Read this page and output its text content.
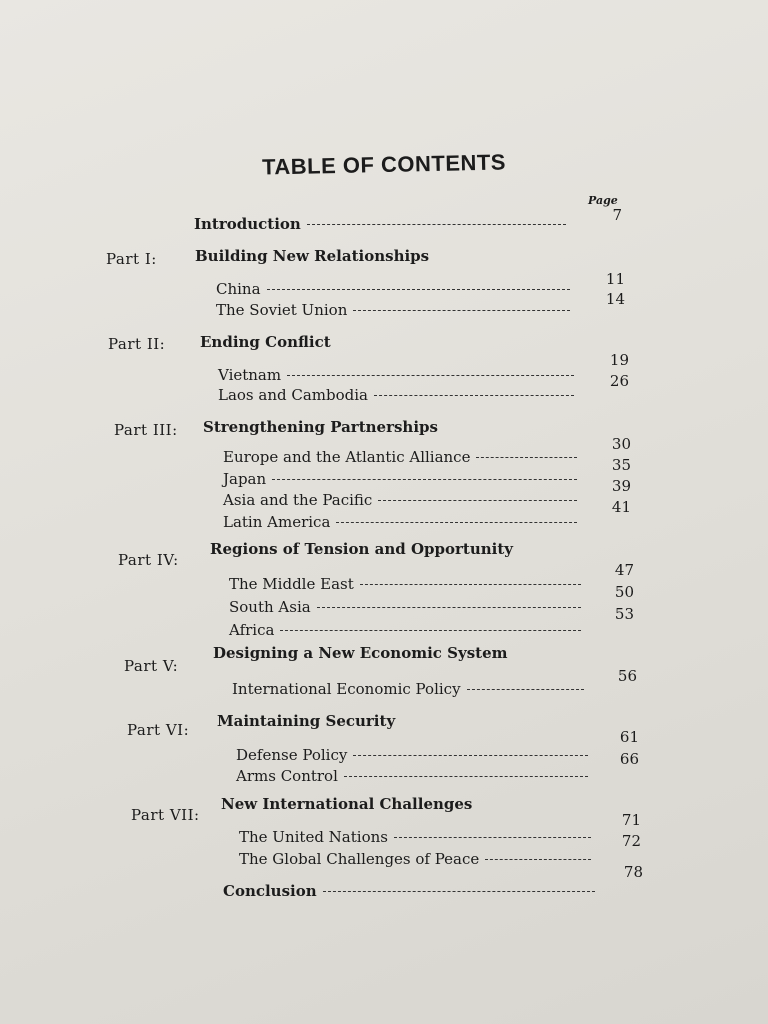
TABLE OF CONTENTS
Page
Introduction	7
Part I:	Building New Relationships
China
The Soviet Union
11
14
Part II: Ending Conflict
Vietnam
Laos and Cambodia
19
26
Part III: Strengthening Partnerships
Europe and the Atlantic Alliance
Japan
Asia and the Pacific
Latin America
30
35
39
41
Part IV:
Regions of Tension and Opportunity
The Middle East
South Asia
Africa
47
50
53
Part V:
Designing a New Economic System
International Economic Policy
56
Part VI: Maintaining Security
Defense Policy
Arms Control
61
66
Part VII:
New International Challenges
The United Nations
The Global Challenges of Peace
71
72
Conclusion
78
